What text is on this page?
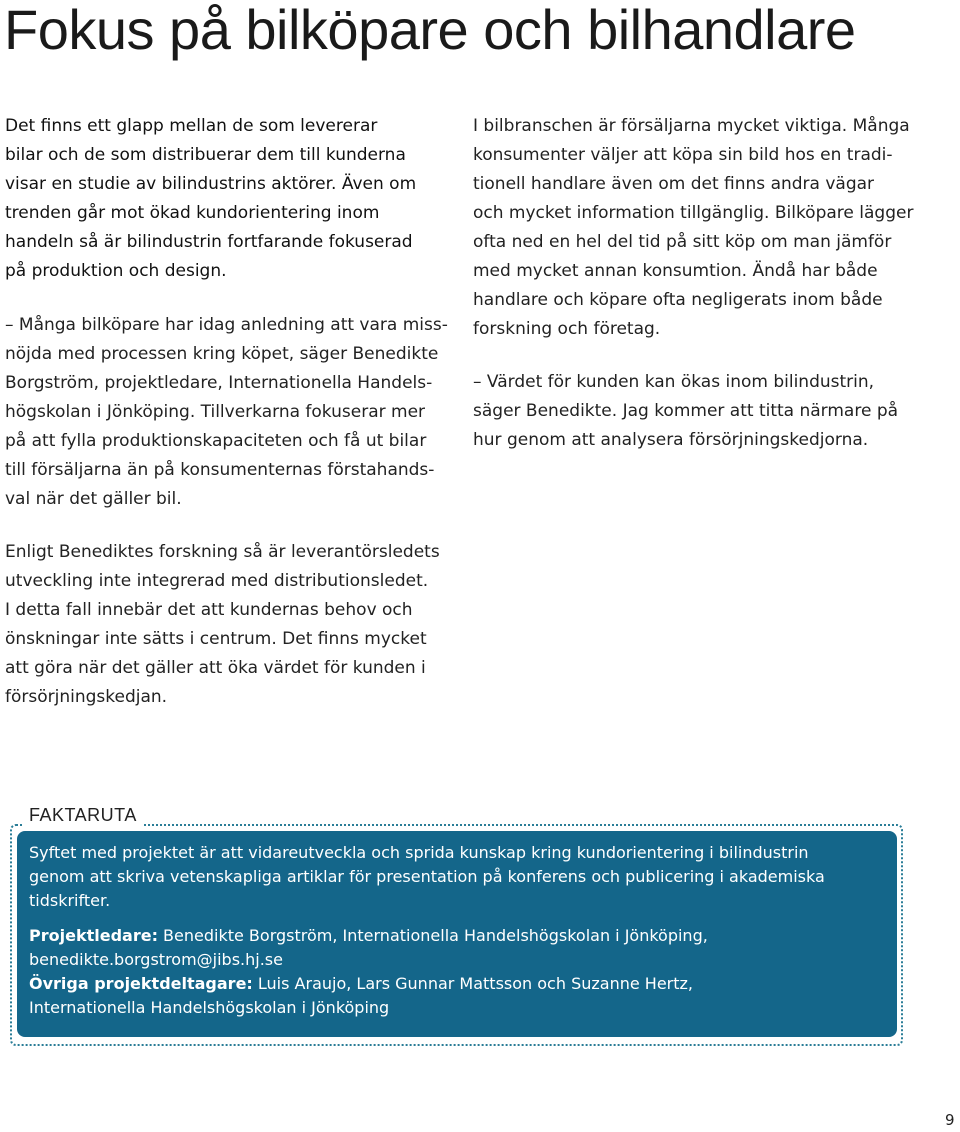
Fokus på bilköpare och bilhandlare

Det finns ett glapp mellan de som levererar
bilar och de som distribuerar dem till kunderna
visar en studie av bilindustrins aktörer. Även om
trenden går mot ökad kundorientering inom
handeln så är bilindustrin fortfarande fokuserad
på produktion och design.

– Många bilköpare har idag anledning att vara miss-
nöjda med processen kring köpet, säger Benedikte
Borgström, projektledare, Internationella Handels-
högskolan i Jönköping. Tillverkarna fokuserar mer
på att fylla produktionskapaciteten och få ut bilar
till försäljarna än på konsumenternas förstahands-
val när det gäller bil.

Enligt Benediktes forskning så är leverantörsledets
utveckling inte integrerad med distributionsledet.
I detta fall innebär det att kundernas behov och
önskningar inte sätts i centrum. Det finns mycket
att göra när det gäller att öka värdet för kunden i
försörjningskedjan.

I bilbranschen är försäljarna mycket viktiga. Många
konsumenter väljer att köpa sin bild hos en tradi-
tionell handlare även om det finns andra vägar
och mycket information tillgänglig. Bilköpare lägger
ofta ned en hel del tid på sitt köp om man jämför
med mycket annan konsumtion. Ändå har både
handlare och köpare ofta negligerats inom både
forskning och företag.

– Värdet för kunden kan ökas inom bilindustrin,
säger Benedikte. Jag kommer att titta närmare på
hur genom att analysera försörjningskedjorna.

FAKTARUTA
Syftet med projektet är att vidareutveckla och sprida kunskap kring kundorientering i bilindustrin
genom att skriva vetenskapliga artiklar för presentation på konferens och publicering i akademiska
tidskrifter.
Projektledare: Benedikte Borgström, Internationella Handelshögskolan i Jönköping,
benedikte.borgstrom@jibs.hj.se
Övriga projektdeltagare: Luis Araujo, Lars Gunnar Mattsson och Suzanne Hertz,
Internationella Handelshögskolan i Jönköping
9
